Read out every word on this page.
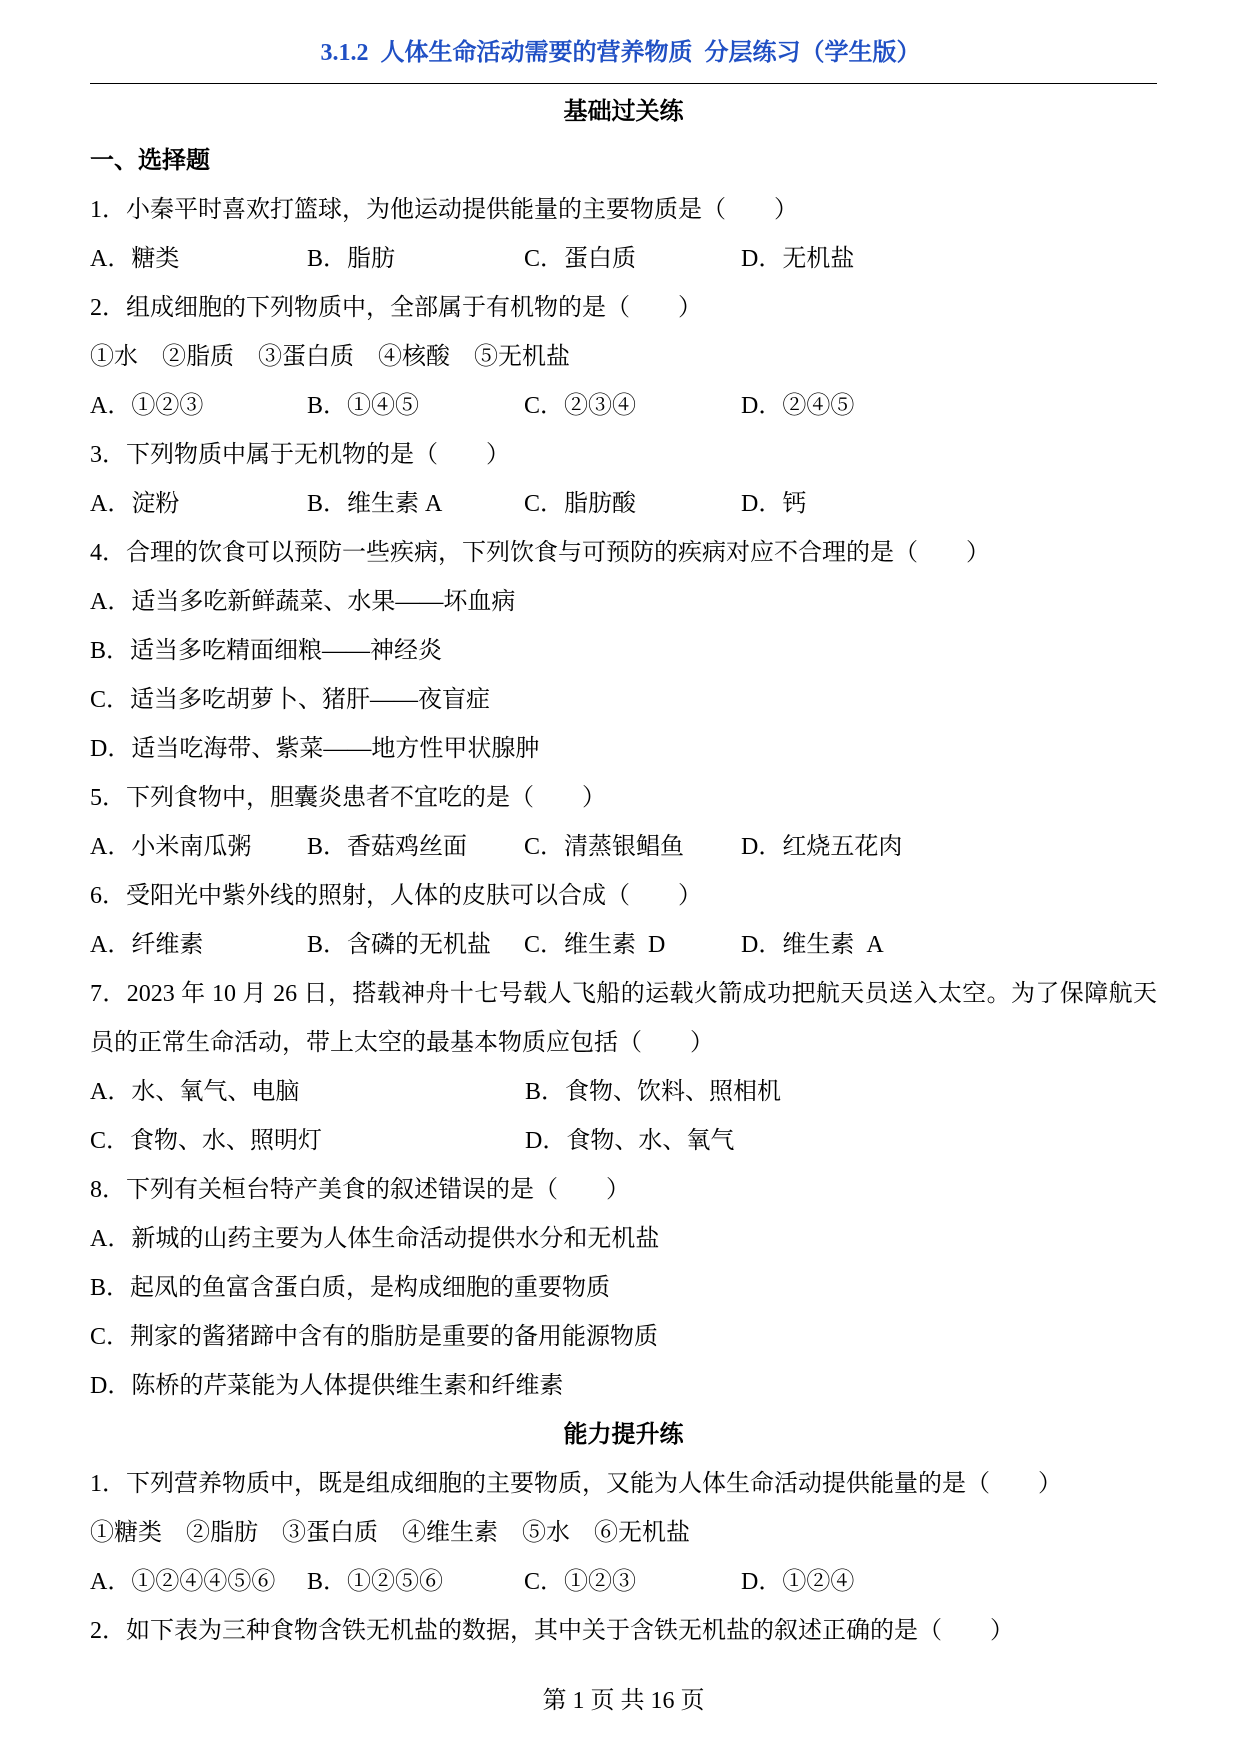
3.1.2  人体生命活动需要的营养物质  分层练习（学生版）
基础过关练
一、选择题
1．小秦平时喜欢打篮球，为他运动提供能量的主要物质是（　　）
A．糖类	B．脂肪	C．蛋白质	D．无机盐
2．组成细胞的下列物质中，全部属于有机物的是（　　）
①水　②脂质　③蛋白质　④核酸　⑤无机盐
A．①②③	B．①④⑤	C．②③④	D．②④⑤
3．下列物质中属于无机物的是（　　）
A．淀粉	B．维生素 A	C．脂肪酸	D．钙
4．合理的饮食可以预防一些疾病，下列饮食与可预防的疾病对应不合理的是（　　）
A．适当多吃新鲜蔬菜、水果——坏血病
B．适当多吃精面细粮——神经炎
C．适当多吃胡萝卜、猪肝——夜盲症
D．适当吃海带、紫菜——地方性甲状腺肿
5．下列食物中，胆囊炎患者不宜吃的是（　　）
A．小米南瓜粥	B．香菇鸡丝面	C．清蒸银鲳鱼	D．红烧五花肉
6．受阳光中紫外线的照射，人体的皮肤可以合成（　　）
A．纤维素	B．含磷的无机盐	C．维生素  D	D．维生素  A
7．2023 年 10 月 26 日，搭载神舟十七号载人飞船的运载火箭成功把航天员送入太空。为了保障航天员的正常生命活动，带上太空的最基本物质应包括（　　）
A．水、氧气、电脑	B．食物、饮料、照相机
C．食物、水、照明灯	D．食物、水、氧气
8．下列有关桓台特产美食的叙述错误的是（　　）
A．新城的山药主要为人体生命活动提供水分和无机盐
B．起凤的鱼富含蛋白质，是构成细胞的重要物质
C．荆家的酱猪蹄中含有的脂肪是重要的备用能源物质
D．陈桥的芹菜能为人体提供维生素和纤维素
能力提升练
1．下列营养物质中，既是组成细胞的主要物质，又能为人体生命活动提供能量的是（　　）
①糖类　②脂肪　③蛋白质　④维生素　⑤水　⑥无机盐
A．①②④④⑤⑥	B．①②⑤⑥	C．①②③	D．①②④
2．如下表为三种食物含铁无机盐的数据，其中关于含铁无机盐的叙述正确的是（　　）
第 1 页 共 16 页
